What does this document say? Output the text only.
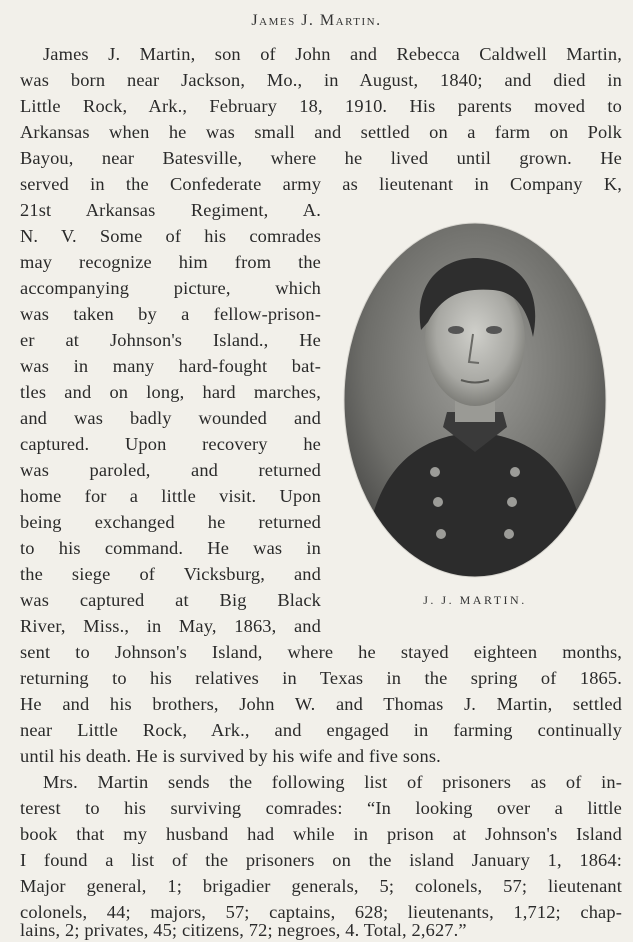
James J. Martin.
James J. Martin, son of John and Rebecca Caldwell Martin,
was born near Jackson, Mo., in August, 1840; and died in
Little Rock, Ark., February 18, 1910. His parents moved to
Arkansas when he was small and settled on a farm on Polk
Bayou, near Batesville, where he lived until grown. He
served in the Confederate army as lieutenant in Company K,
21st Arkansas Regiment, A.
N. V. Some of his comrades
may recognize him from the
accompanying picture, which
was taken by a fellow-prison-
er at Johnson's Island., He
was in many hard-fought bat-
tles and on long, hard marches,
and was badly wounded and
captured. Upon recovery he
was paroled, and returned
home for a little visit. Upon
being exchanged he returned
to his command. He was in
the siege of Vicksburg, and
was captured at Big Black
River, Miss., in May, 1863, and
sent to Johnson's Island, where he stayed eighteen months,
returning to his relatives in Texas in the spring of 1865.
He and his brothers, John W. and Thomas J. Martin, settled
near Little Rock, Ark., and engaged in farming continually
until his death. He is survived by his wife and five sons.
Mrs. Martin sends the following list of prisoners as of in-
terest to his surviving comrades: “In looking over a little
book that my husband had while in prison at Johnson's Island
I found a list of the prisoners on the island January 1, 1864:
Major general, 1; brigadier generals, 5; colonels, 57; lieutenant
colonels, 44; majors, 57; captains, 628; lieutenants, 1,712; chap-
lains, 2; privates, 45; citizens, 72; negroes, 4. Total, 2,627.”
J. J. MARTIN.
